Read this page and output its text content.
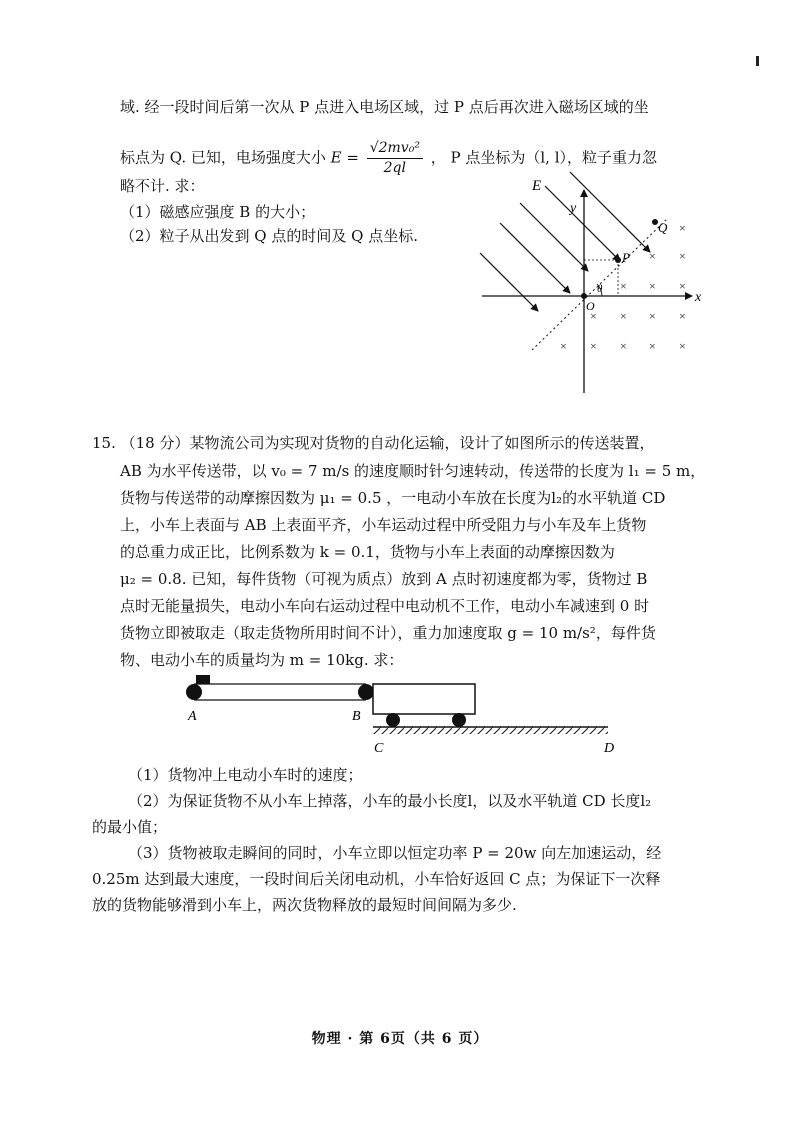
域. 经一段时间后第一次从 P 点进入电场区域，过 P 点后再次进入磁场区域的坐
标点为 Q. 已知，电场强度大小 $E = \frac{\text{√2mv₀²}}{2ql}$ ， P 点坐标为（l, l），粒子重力忽
略不计. 求：
（1）磁感应强度 B 的大小；
（2）粒子从出发到 Q 点的时间及 Q 点坐标.	×
× ×
× × ×
× × × ×
× × × × ×
E
y
x
O
P
Q
θ
15. （18 分）某物流公司为实现对货物的自动化运输，设计了如图所示的传送装置，
AB 为水平传送带，以 v₀ = 7 m/s 的速度顺时针匀速转动，传送带的长度为 l₁ = 5 m，
货物与传送带的动摩擦因数为 μ₁ = 0.5 ，一电动小车放在长度为l₂的水平轨道 CD
上，小车上表面与 AB 上表面平齐，小车运动过程中所受阻力与小车及车上货物
的总重力成正比，比例系数为 k = 0.1，货物与小车上表面的动摩擦因数为
μ₂ = 0.8. 已知，每件货物（可视为质点）放到 A 点时初速度都为零，货物过 B
点时无能量损失，电动小车向右运动过程中电动机不工作，电动小车减速到 0 时
货物立即被取走（取走货物所用时间不计），重力加速度取 g = 10 m/s²，每件货
物、电动小车的质量均为 m = 10kg. 求：
A	B
C	D
（1）货物冲上电动小车时的速度；
（2）为保证货物不从小车上掉落，小车的最小长度l，以及水平轨道 CD 长度l₂
的最小值；
（3）货物被取走瞬间的同时，小车立即以恒定功率 P = 20w 向左加速运动，经
0.25m 达到最大速度，一段时间后关闭电动机，小车恰好返回 C 点；为保证下一次释
放的货物能够滑到小车上，两次货物释放的最短时间间隔为多少.
物理 · 第 6页（共 6 页）
